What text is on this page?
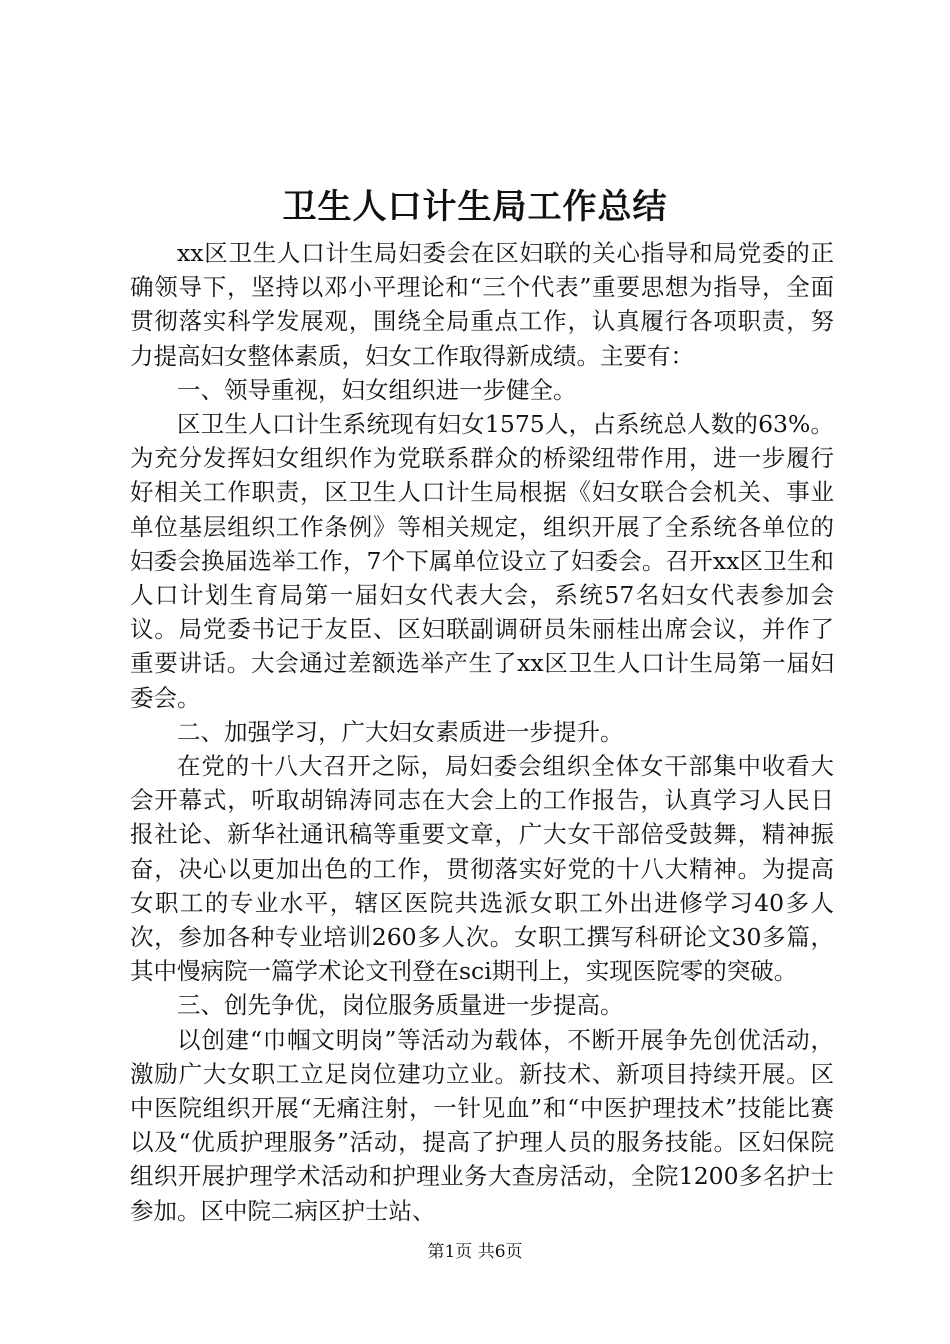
卫生人口计生局工作总结

xx区卫生人口计生局妇委会在区妇联的关心指导和局党委的正确领导下，坚持以邓小平理论和“三个代表”重要思想为指导，全面贯彻落实科学发展观，围绕全局重点工作，认真履行各项职责，努力提高妇女整体素质，妇女工作取得新成绩。主要有：

一、领导重视，妇女组织进一步健全。

区卫生人口计生系统现有妇女1575人，占系统总人数的63%。为充分发挥妇女组织作为党联系群众的桥梁纽带作用，进一步履行好相关工作职责，区卫生人口计生局根据《妇女联合会机关、事业单位基层组织工作条例》等相关规定，组织开展了全系统各单位的妇委会换届选举工作，7个下属单位设立了妇委会。召开xx区卫生和人口计划生育局第一届妇女代表大会，系统57名妇女代表参加会议。局党委书记于友臣、区妇联副调研员朱丽桂出席会议，并作了重要讲话。大会通过差额选举产生了xx区卫生人口计生局第一届妇委会。

二、加强学习，广大妇女素质进一步提升。

在党的十八大召开之际，局妇委会组织全体女干部集中收看大会开幕式，听取胡锦涛同志在大会上的工作报告，认真学习人民日报社论、新华社通讯稿等重要文章，广大女干部倍受鼓舞，精神振奋，决心以更加出色的工作，贯彻落实好党的十八大精神。为提高女职工的专业水平，辖区医院共选派女职工外出进修学习40多人次，参加各种专业培训260多人次。女职工撰写科研论文30多篇，其中慢病院一篇学术论文刊登在sci期刊上，实现医院零的突破。

三、创先争优，岗位服务质量进一步提高。

以创建“巾帼文明岗”等活动为载体，不断开展争先创优活动，激励广大女职工立足岗位建功立业。新技术、新项目持续开展。区中医院组织开展“无痛注射，一针见血”和“中医护理技术”技能比赛以及“优质护理服务”活动，提高了护理人员的服务技能。区妇保院组织开展护理学术活动和护理业务大查房活动，全院1200多名护士参加。区中院二病区护士站、

第1页 共6页
